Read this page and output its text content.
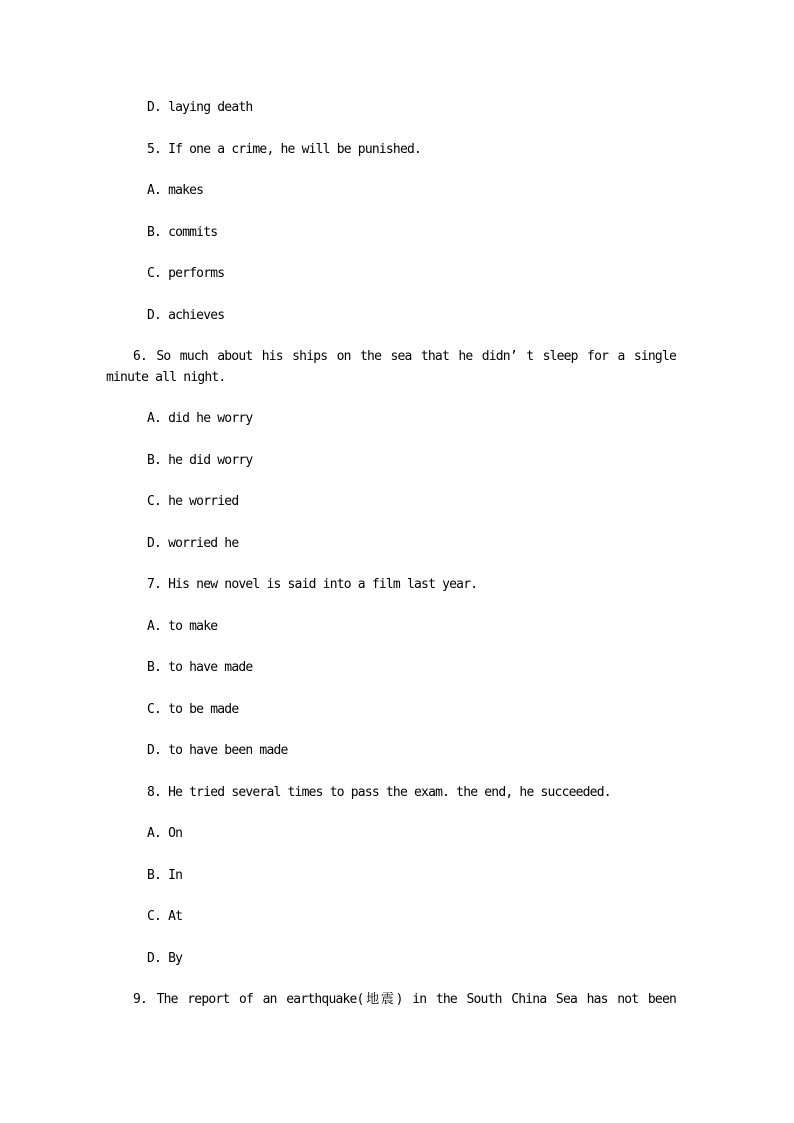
D. laying death
5. If one a crime, he will be punished.
A. makes
B. commits
C. performs
D. achieves
6. So much about his ships on the sea that he didn’ t sleep for a single
minute all night.
A. did he worry
B. he did worry
C. he worried
D. worried he
7. His new novel is said into a film last year.
A. to make
B. to have made
C. to be made
D. to have been made
8. He tried several times to pass the exam. the end, he succeeded.
A. On
B. In
C. At
D. By
9. The report of an earthquake(地震) in the South China Sea has not been
